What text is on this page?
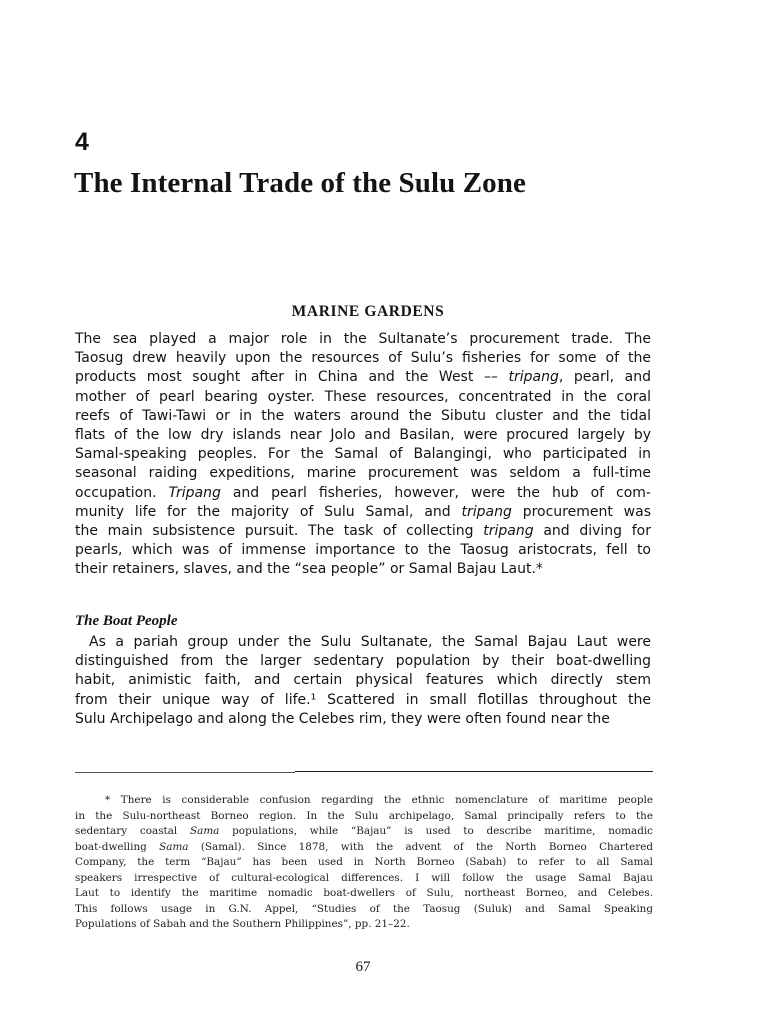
4
The Internal Trade of the Sulu Zone
MARINE GARDENS
The sea played a major role in the Sultanate’s procurement trade. The
Taosug drew heavily upon the resources of Sulu’s fisheries for some of the
products most sought after in China and the West –– tripang, pearl, and
mother of pearl bearing oyster. These resources, concentrated in the coral
reefs of Tawi-Tawi or in the waters around the Sibutu cluster and the tidal
flats of the low dry islands near Jolo and Basilan, were procured largely by
Samal-speaking peoples. For the Samal of Balangingi, who participated in
seasonal raiding expeditions, marine procurement was seldom a full-time
occupation. Tripang and pearl fisheries, however, were the hub of com-
munity life for the majority of Sulu Samal, and tripang procurement was
the main subsistence pursuit. The task of collecting tripang and diving for
pearls, which was of immense importance to the Taosug aristocrats, fell to
their retainers, slaves, and the “sea people” or Samal Bajau Laut.*
The Boat People
As a pariah group under the Sulu Sultanate, the Samal Bajau Laut were
distinguished from the larger sedentary population by their boat-dwelling
habit, animistic faith, and certain physical features which directly stem
from their unique way of life.¹ Scattered in small flotillas throughout the
Sulu Archipelago and along the Celebes rim, they were often found near the
* There is considerable confusion regarding the ethnic nomenclature of maritime people
in the Sulu-northeast Borneo region. In the Sulu archipelago, Samal principally refers to the
sedentary coastal Sama populations, while “Bajau” is used to describe maritime, nomadic
boat-dwelling Sama (Samal). Since 1878, with the advent of the North Borneo Chartered
Company, the term “Bajau” has been used in North Borneo (Sabah) to refer to all Samal
speakers irrespective of cultural-ecological differences. I will follow the usage Samal Bajau
Laut to identify the maritime nomadic boat-dwellers of Sulu, northeast Borneo, and Celebes.
This follows usage in G.N. Appel, “Studies of the Taosug (Suluk) and Samal Speaking
Populations of Sabah and the Southern Philippines”, pp. 21–22.
67
